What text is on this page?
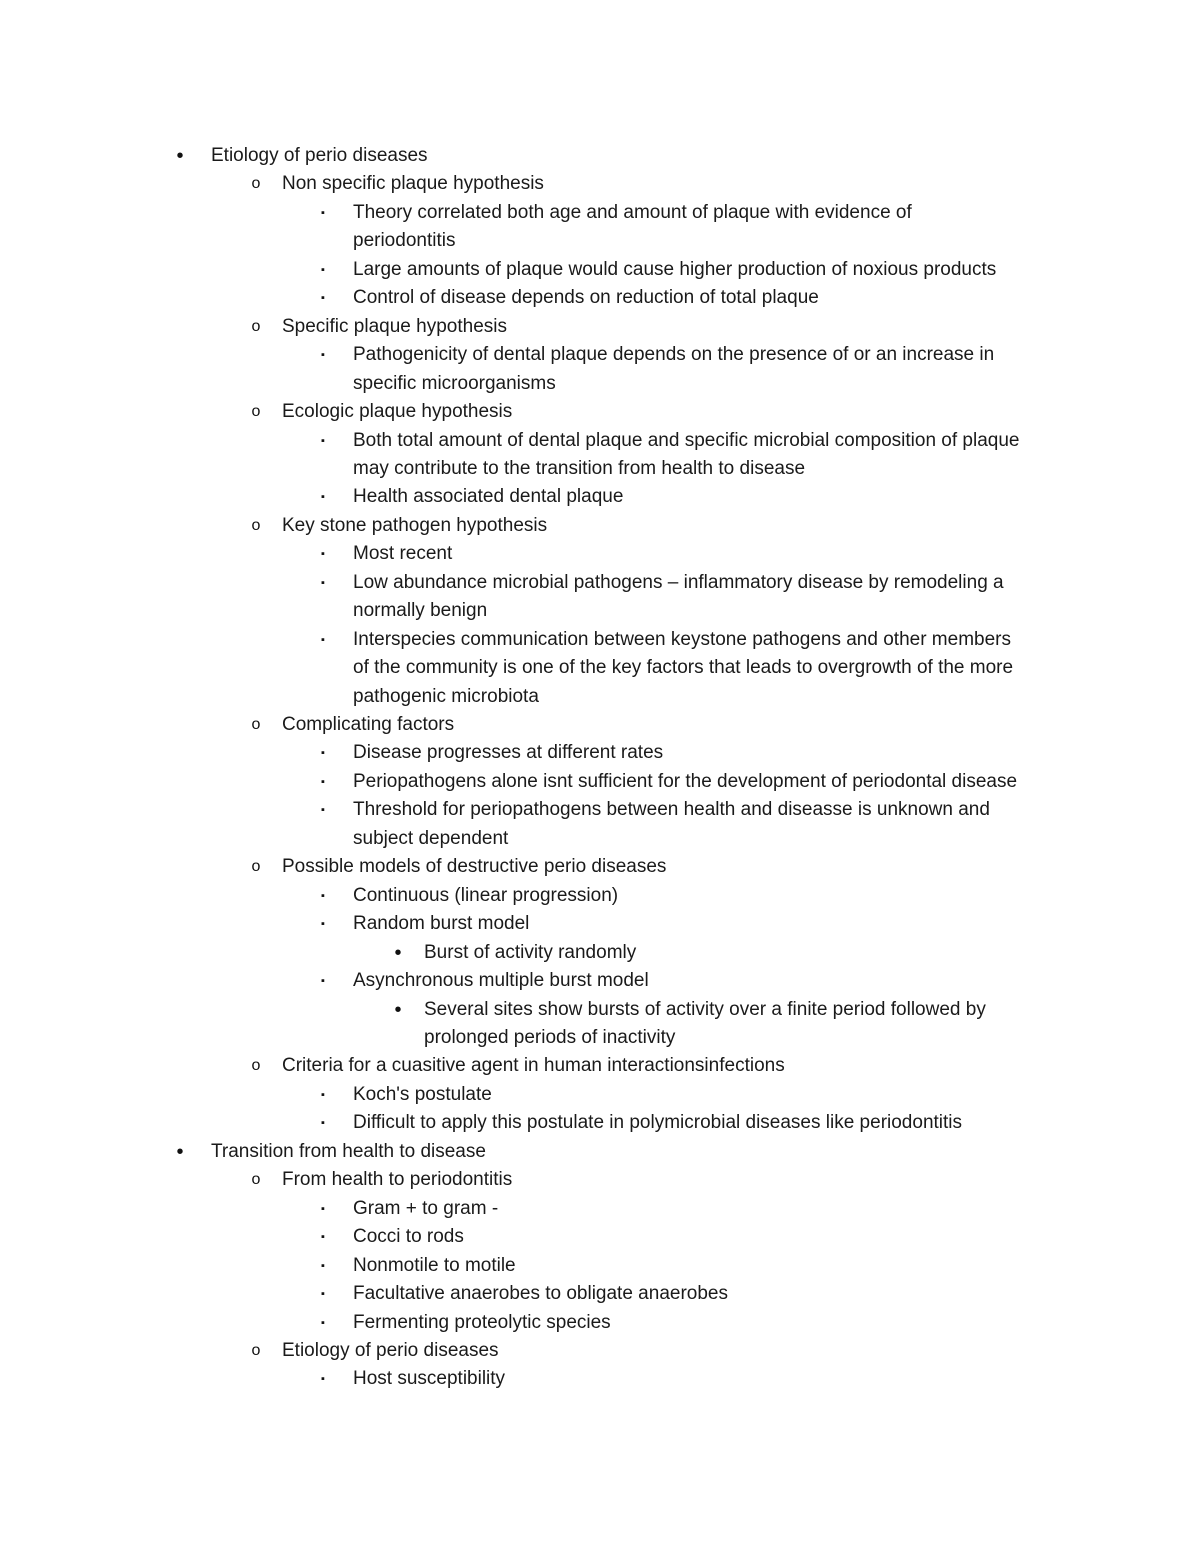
• Etiology of perio diseases
o Non specific plaque hypothesis
▪ Theory correlated both age and amount of plaque with evidence of
periodontitis
▪ Large amounts of plaque would cause higher production of noxious products
▪ Control of disease depends on reduction of total plaque
o Specific plaque hypothesis
▪ Pathogenicity of dental plaque depends on the presence of or an increase in
specific microorganisms
o Ecologic plaque hypothesis
▪ Both total amount of dental plaque and specific microbial composition of plaque
may contribute to the transition from health to disease
▪ Health associated dental plaque
o Key stone pathogen hypothesis
▪ Most recent
▪ Low abundance microbial pathogens – inflammatory disease by remodeling a
normally benign
▪ Interspecies communication between keystone pathogens and other members
of the community is one of the key factors that leads to overgrowth of the more
pathogenic microbiota
o Complicating factors
▪ Disease progresses at different rates
▪ Periopathogens alone isnt sufficient for the development of periodontal disease
▪ Threshold for periopathogens between health and diseasse is unknown and
subject dependent
o Possible models of destructive perio diseases
▪ Continuous (linear progression)
▪ Random burst model
• Burst of activity randomly
▪ Asynchronous multiple burst model
• Several sites show bursts of activity over a finite period followed by
prolonged periods of inactivity
o Criteria for a cuasitive agent in human interactionsinfections
▪ Koch's postulate
▪ Difficult to apply this postulate in polymicrobial diseases like periodontitis
• Transition from health to disease
o From health to periodontitis
▪ Gram + to gram -
▪ Cocci to rods
▪ Nonmotile to motile
▪ Facultative anaerobes to obligate anaerobes
▪ Fermenting proteolytic species
o Etiology of perio diseases
▪ Host susceptibility
